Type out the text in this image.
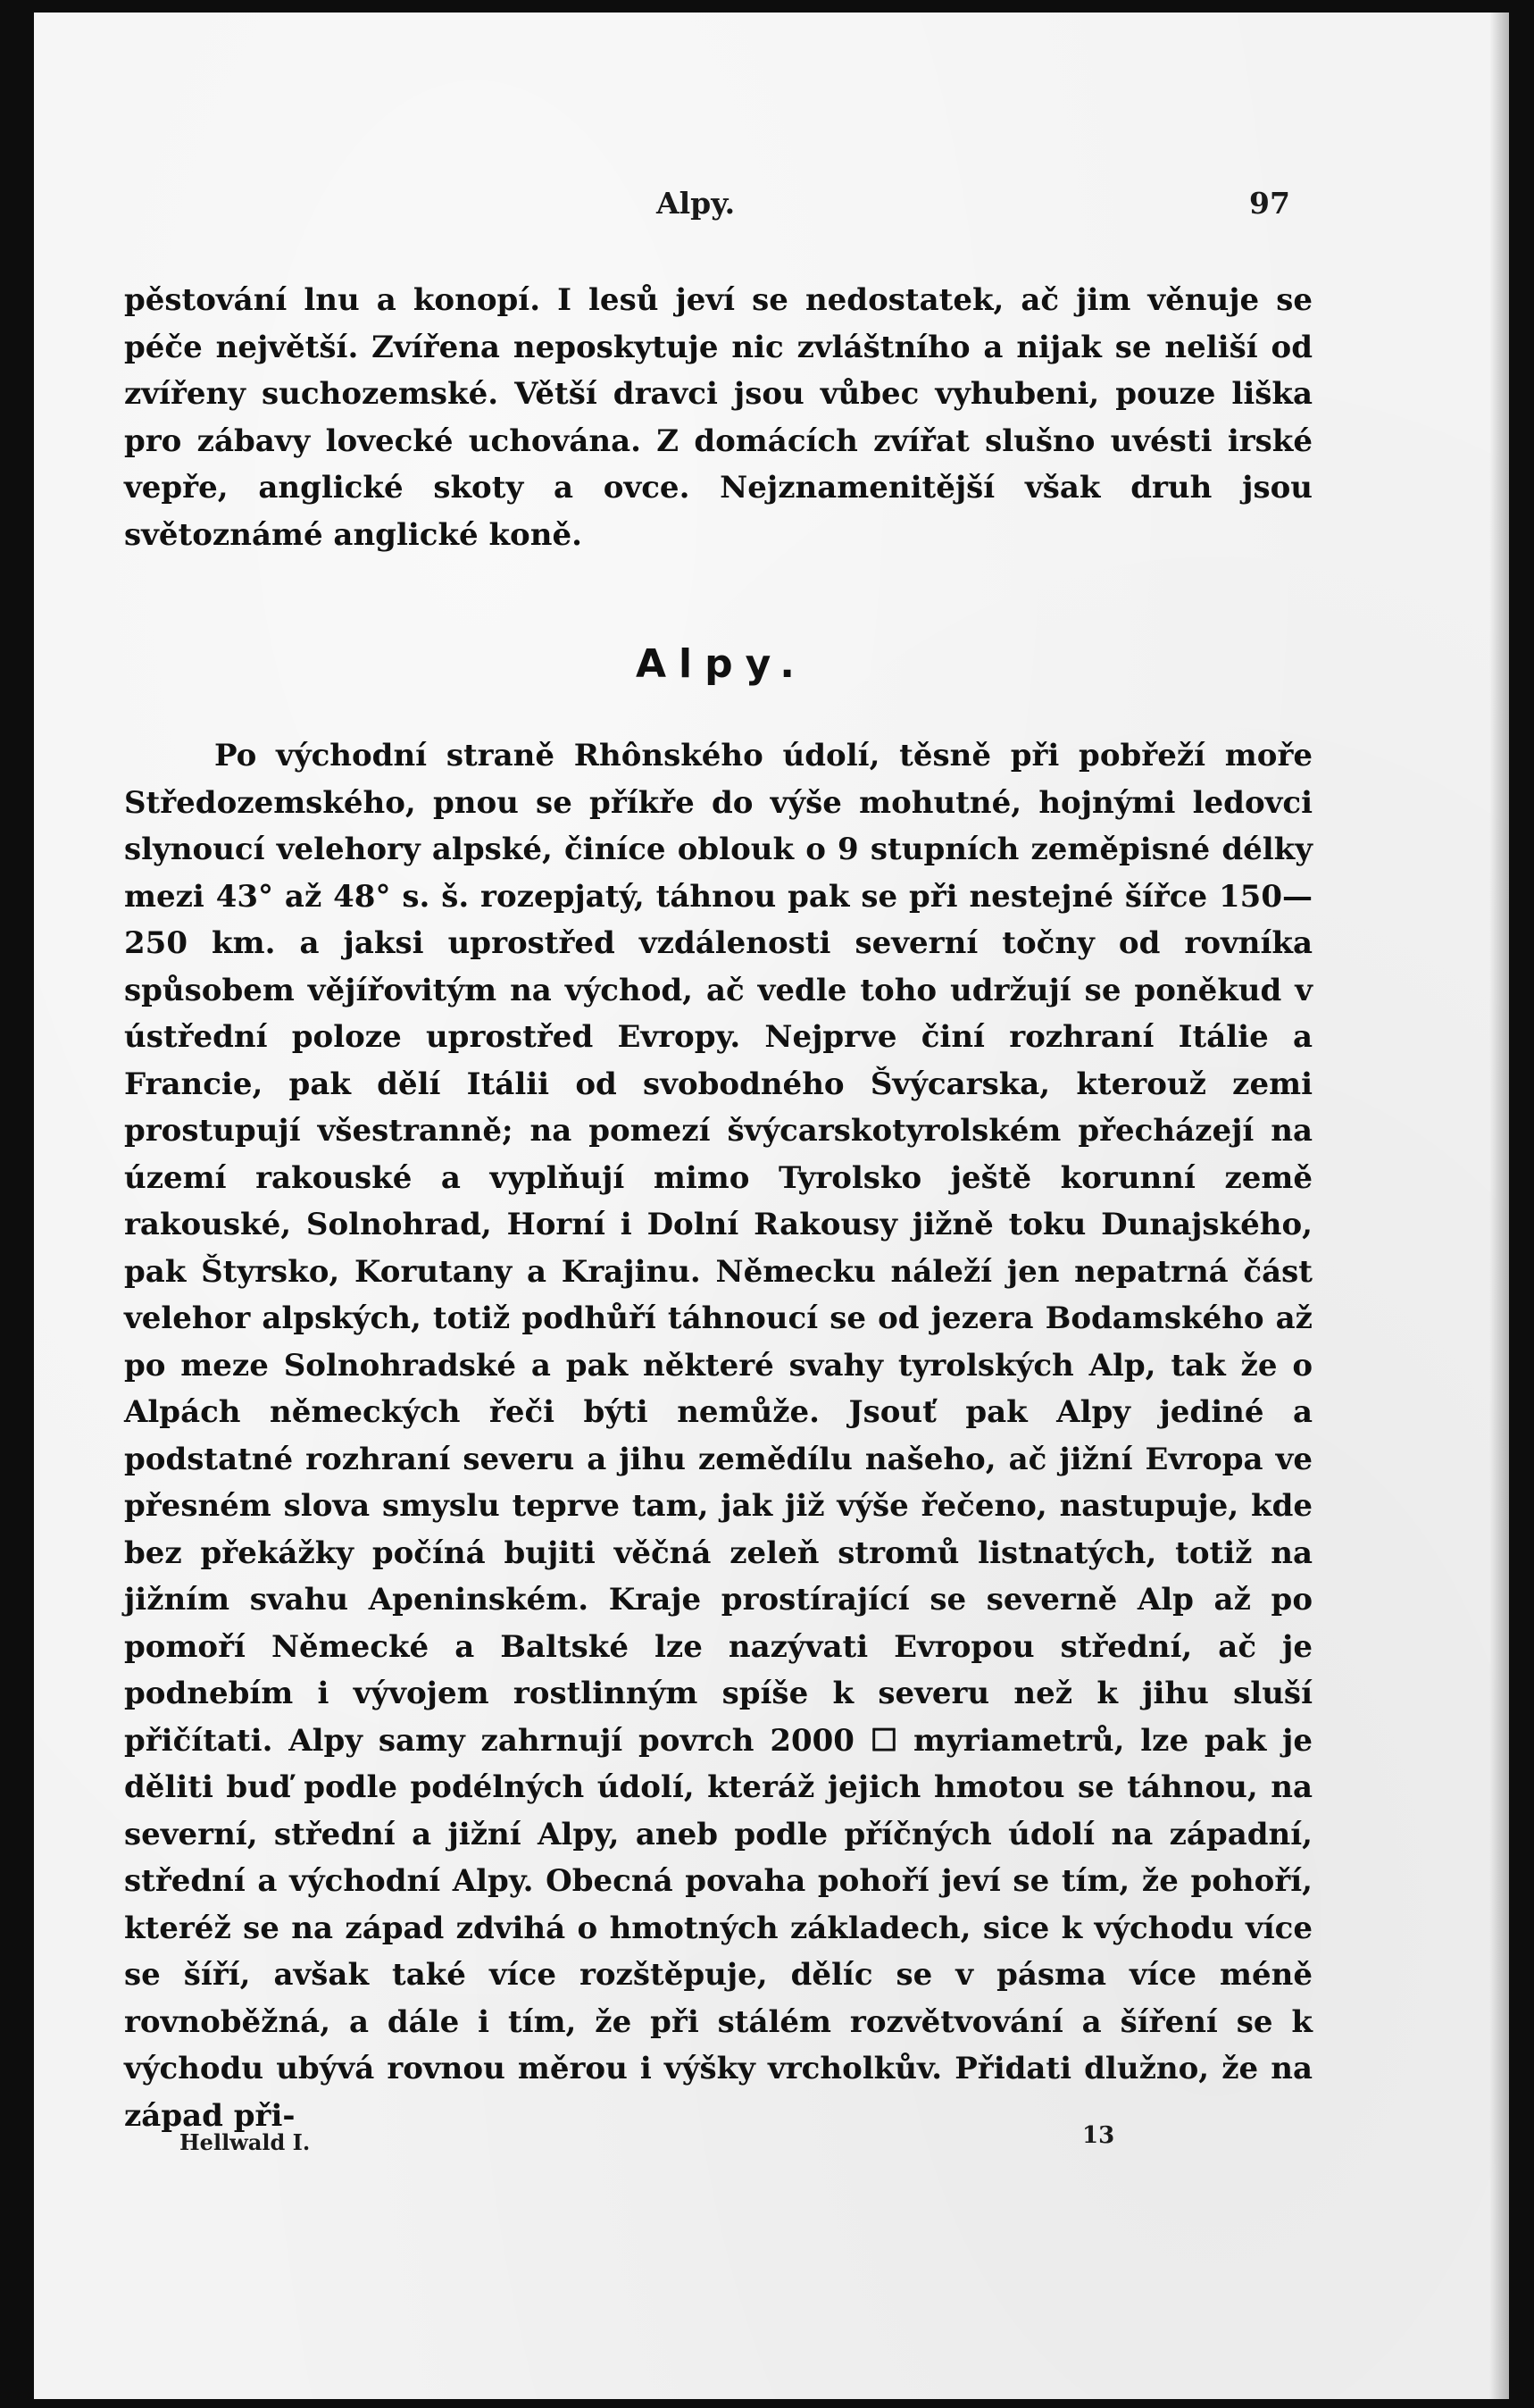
Alpy.	97

pěstování lnu a konopí. I lesů jeví se nedostatek, ač jim věnuje se péče největší. Zvířena neposkytuje nic zvláštního a nijak se neliší od zvířeny suchozemské. Větší dravci jsou vůbec vyhubeni, pouze liška pro zábavy lovecké uchována. Z domácích zvířat slušno uvésti irské vepře, anglické skoty a ovce. Nejznamenitější však druh jsou světoznámé anglické koně.

Alpy.

Po východní straně Rhônského údolí, těsně při pobřeží moře Středozemského, pnou se příkře do výše mohutné, hojnými ledovci slynoucí velehory alpské, činíce oblouk o 9 stupních zeměpisné délky mezi 43° až 48° s. š. rozepjatý, táhnou pak se při nestejné šířce 150—250 km. a jaksi uprostřed vzdálenosti severní točny od rovníka spůsobem vějířovitým na východ, ač vedle toho udržují se poněkud v ústřední poloze uprostřed Evropy. Nejprve činí rozhraní Itálie a Francie, pak dělí Itálii od svobodného Švýcarska, kterouž zemi prostupují všestranně; na pomezí švýcarskotyrolském přecházejí na území rakouské a vyplňují mimo Tyrolsko ještě korunní země rakouské, Solnohrad, Horní i Dolní Rakousy jižně toku Dunajského, pak Štyrsko, Korutany a Krajinu. Německu náleží jen nepatrná část velehor alpských, totiž podhůří táhnoucí se od jezera Bodamského až po meze Solnohradské a pak některé svahy tyrolských Alp, tak že o Alpách německých řeči býti nemůže. Jsouť pak Alpy jediné a podstatné rozhraní severu a jihu zemědílu našeho, ač jižní Evropa ve přesném slova smyslu teprve tam, jak již výše řečeno, nastupuje, kde bez překážky počíná bujiti věčná zeleň stromů listnatých, totiž na jižním svahu Apeninském. Kraje prostírající se severně Alp až po pomoří Německé a Baltské lze nazývati Evropou střední, ač je podnebím i vývojem rostlinným spíše k severu než k jihu sluší přičítati. Alpy samy zahrnují povrch 2000 ☐ myriametrů, lze pak je děliti buď podle podélných údolí, kteráž jejich hmotou se táhnou, na severní, střední a jižní Alpy, aneb podle příčných údolí na západní, střední a východní Alpy. Obecná povaha pohoří jeví se tím, že pohoří, kteréž se na západ zdvihá o hmotných základech, sice k východu více se šíří, avšak také více rozštěpuje, dělíc se v pásma více méně rovnoběžná, a dále i tím, že při stálém rozvětvování a šíření se k východu ubývá rovnou měrou i výšky vrcholkův. Přidati dlužno, že na západ při-

Hellwald I.	13
